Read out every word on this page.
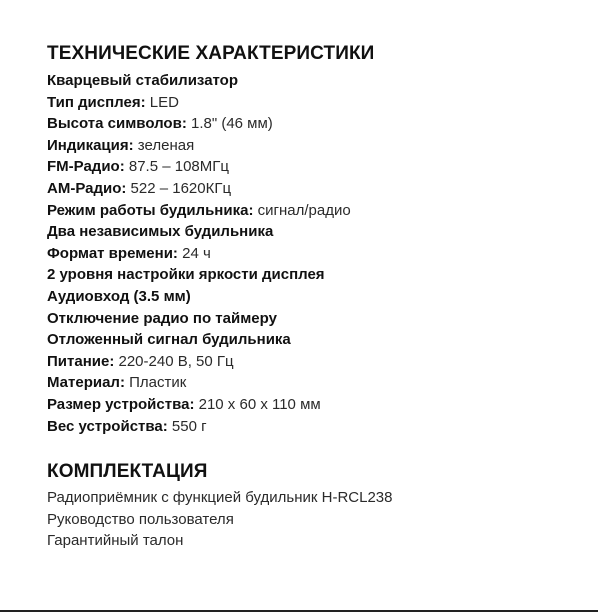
ТЕХНИЧЕСКИЕ ХАРАКТЕРИСТИКИ
Кварцевый стабилизатор
Тип дисплея: LED
Высота символов: 1.8" (46 мм)
Индикация: зеленая
FM-Радио: 87.5 – 108МГц
AM-Радио: 522 – 1620КГц
Режим работы будильника: сигнал/радио
Два независимых будильника
Формат времени: 24 ч
2 уровня настройки яркости дисплея
Аудиовход (3.5 мм)
Отключение радио по таймеру
Отложенный сигнал будильника
Питание: 220-240 В, 50 Гц
Материал: Пластик
Размер устройства: 210 x 60 x 110 мм
Вес устройства: 550 г
КОМПЛЕКТАЦИЯ
Радиоприёмник с функцией будильник H-RCL238
Руководство пользователя
Гарантийный талон
